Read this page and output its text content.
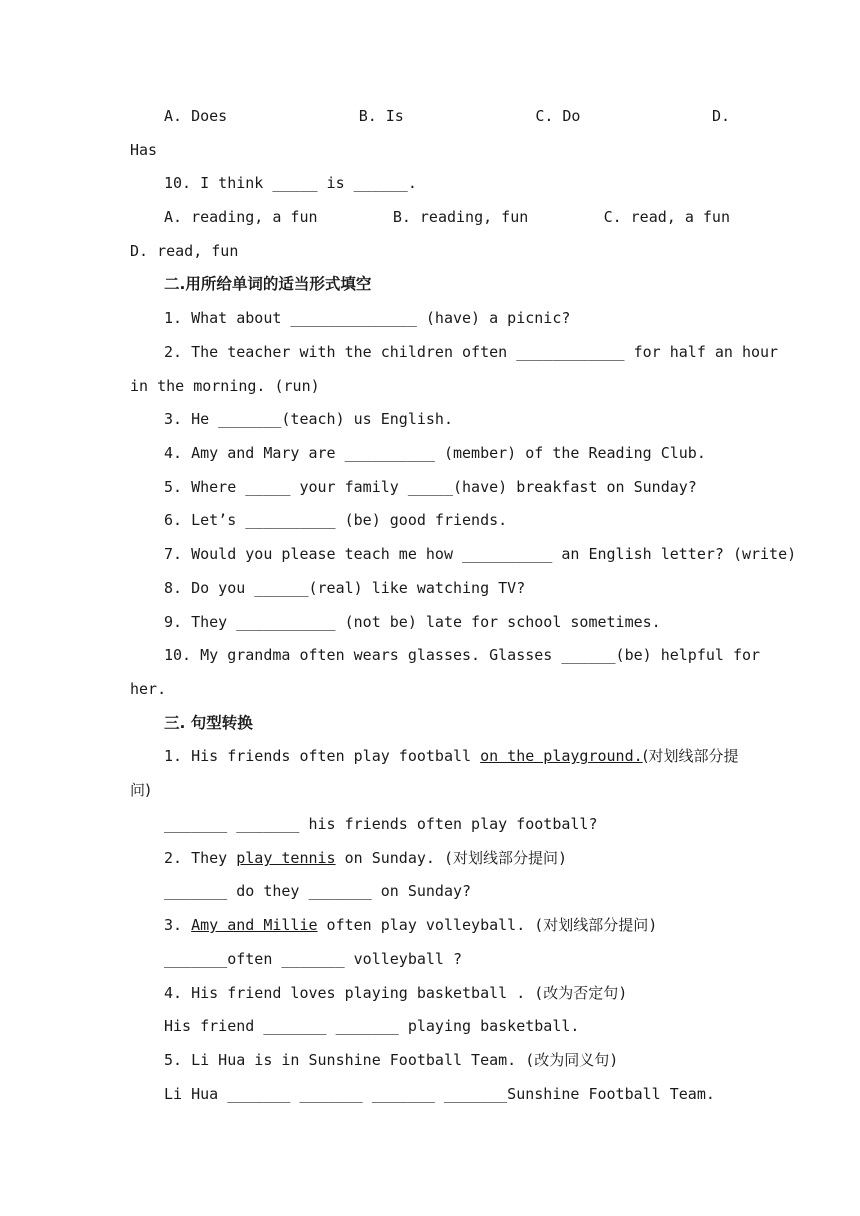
A. Does	B. Is	C. Do	D.
Has
10. I think _____ is ______.
A. reading, a fun	B. reading, fun	C. read, a fun
D. read, fun
二.用所给单词的适当形式填空
1. What about ______________ (have) a picnic?
2. The teacher with the children often ____________ for half an hour
in the morning. (run)
3. He _______(teach) us English.
4. Amy and Mary are __________ (member) of the Reading Club.
5. Where _____ your family _____(have) breakfast on Sunday?
6. Let’s __________ (be) good friends.
7. Would you please teach me how __________ an English letter? (write)
8. Do you ______(real) like watching TV?
9. They ___________ (not be) late for school sometimes.
10. My grandma often wears glasses. Glasses ______(be) helpful for
her.
三. 句型转换
1. His friends often play football on the playground.(对划线部分提
问)
_______ _______ his friends often play football?
2. They play tennis on Sunday. (对划线部分提问)
_______ do they _______ on Sunday?
3. Amy and Millie often play volleyball. (对划线部分提问)
_______often _______ volleyball ?
4. His friend loves playing basketball . (改为否定句)
His friend _______ _______ playing basketball.
5. Li Hua is in Sunshine Football Team. (改为同义句)
Li Hua _______ _______ _______ _______Sunshine Football Team.
